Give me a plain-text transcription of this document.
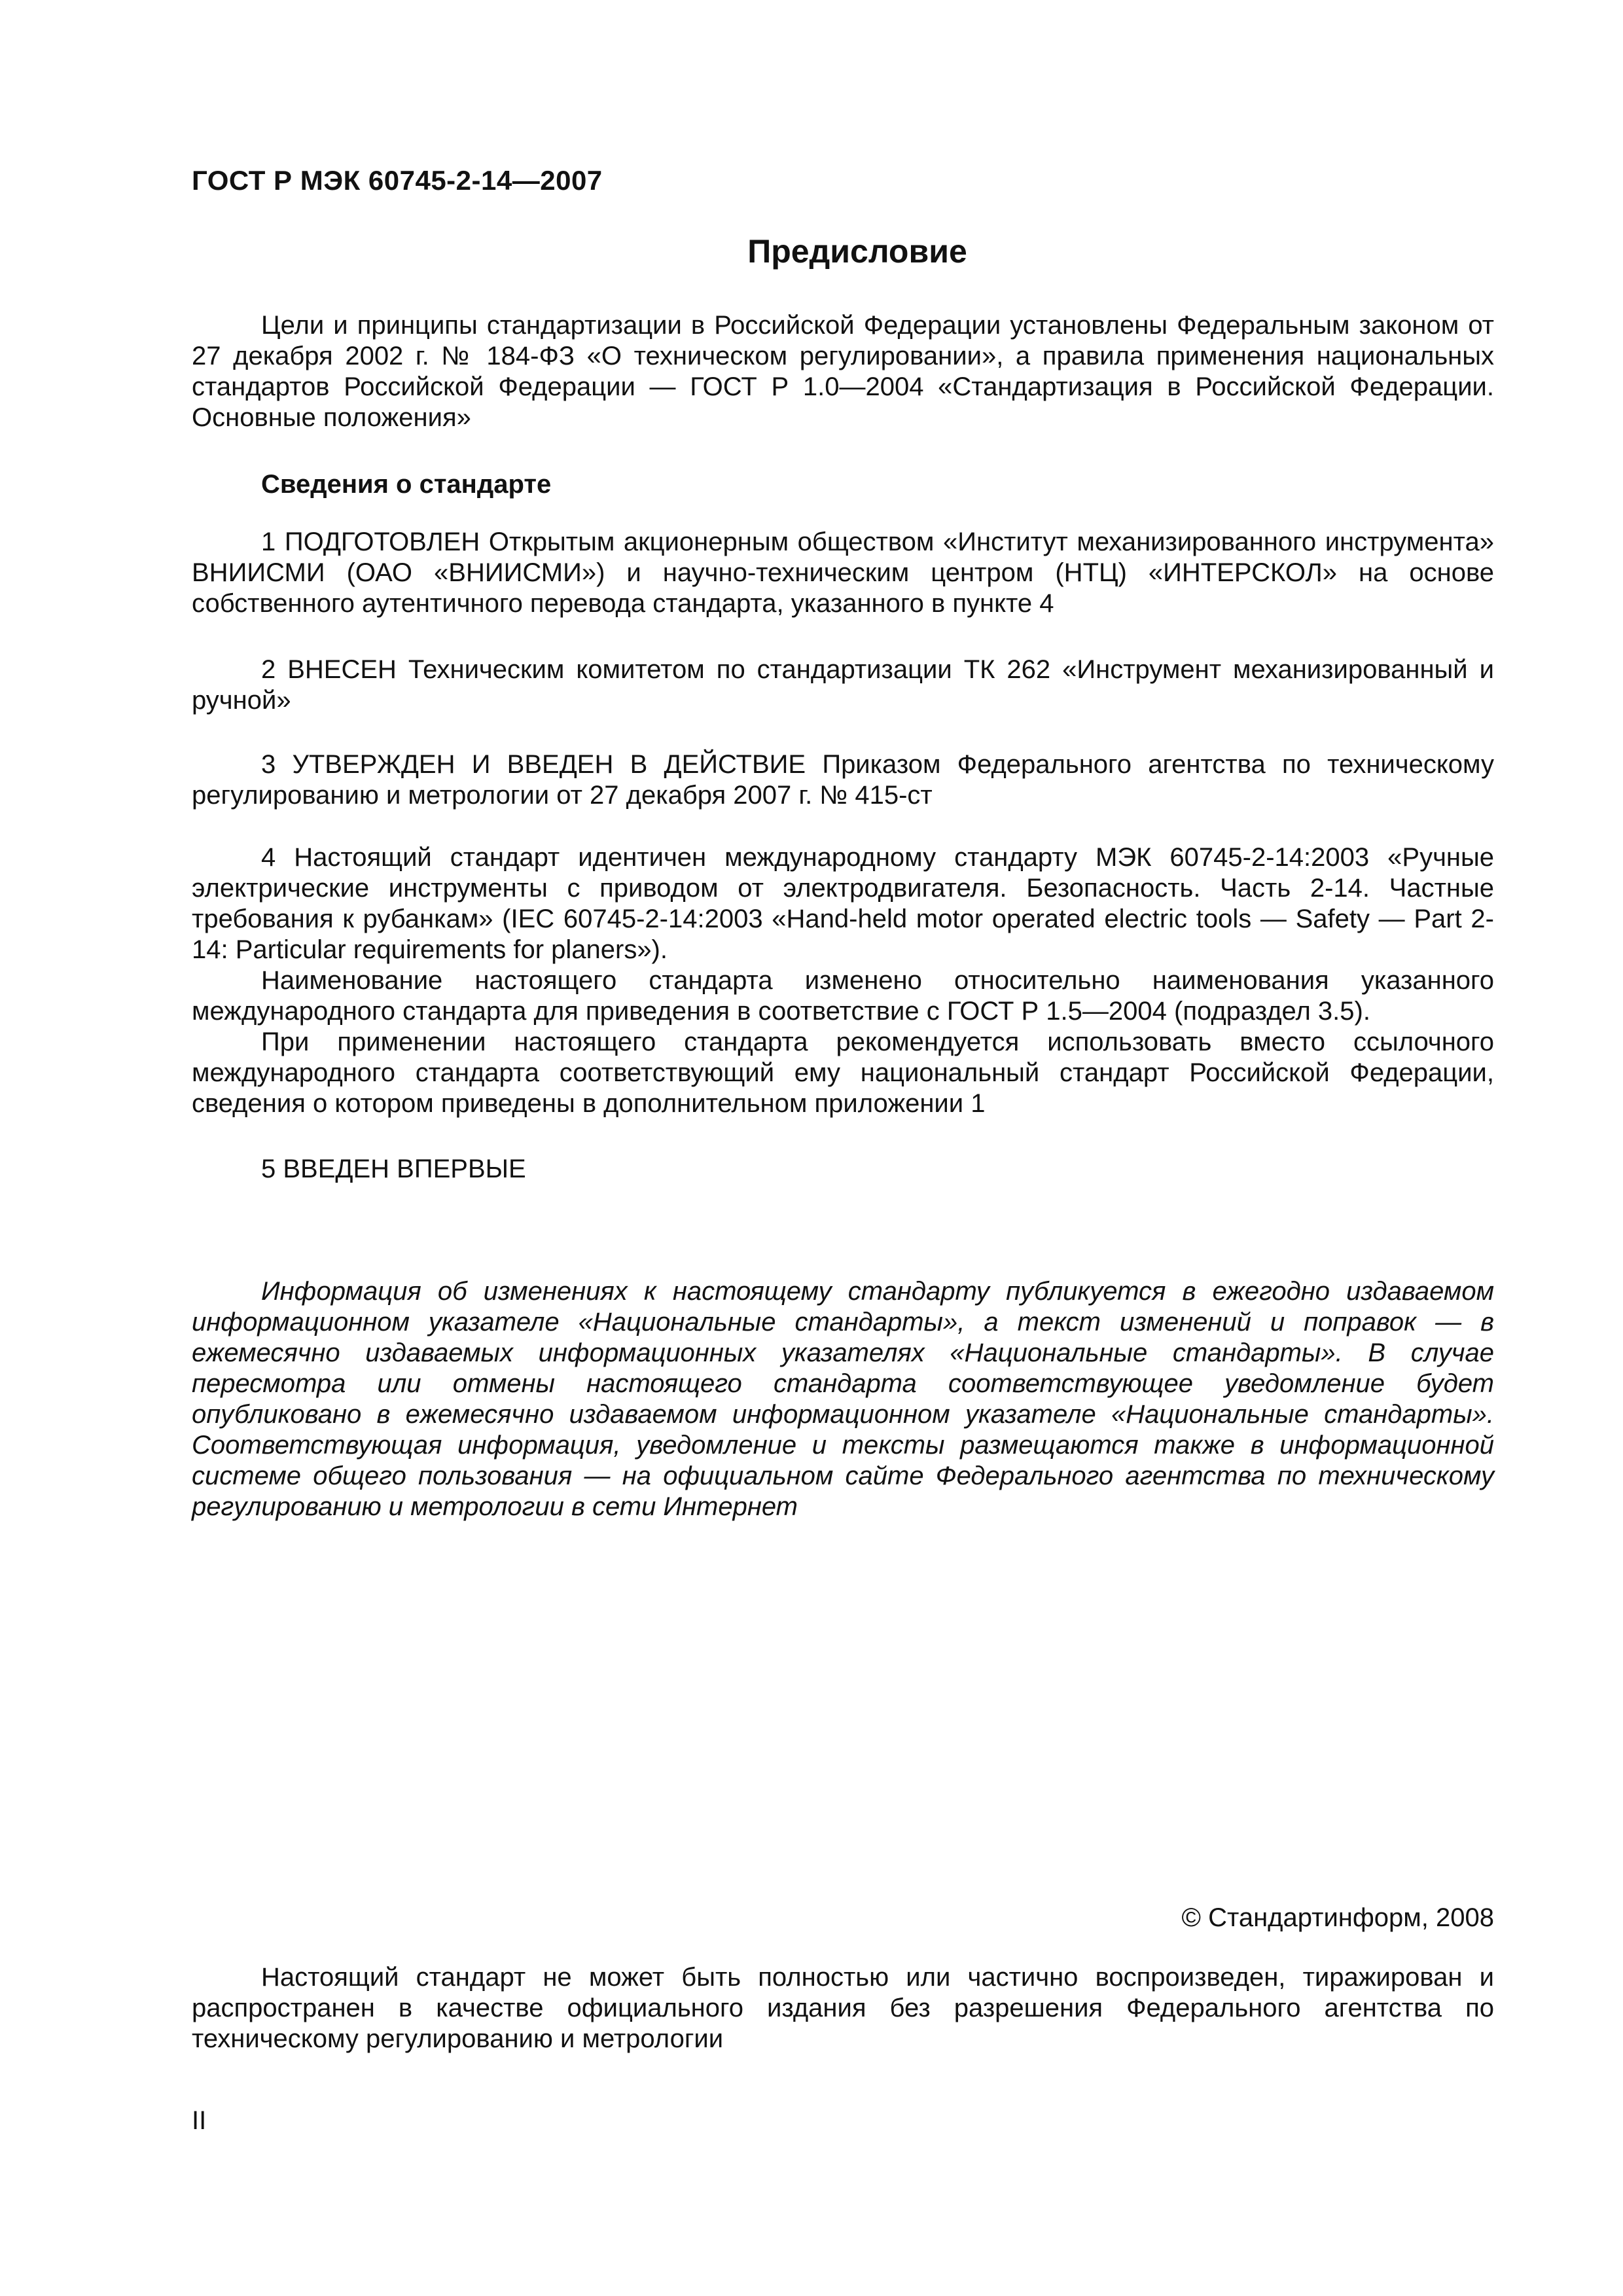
ГОСТ Р МЭК 60745-2-14—2007
Предисловие

Цели и принципы стандартизации в Российской Федерации установлены Федеральным законом от 27 декабря 2002 г. № 184-ФЗ «О техническом регулировании», а правила применения национальных стандартов Российской Федерации — ГОСТ Р 1.0—2004 «Стандартизация в Российской Федерации. Основные положения»

Сведения о стандарте

1 ПОДГОТОВЛЕН Открытым акционерным обществом «Институт механизированного инструмента» ВНИИСМИ (ОАО «ВНИИСМИ») и научно-техническим центром (НТЦ) «ИНТЕРСКОЛ» на основе собственного аутентичного перевода стандарта, указанного в пункте 4

2 ВНЕСЕН Техническим комитетом по стандартизации ТК 262 «Инструмент механизированный и ручной»

3 УТВЕРЖДЕН И ВВЕДЕН В ДЕЙСТВИЕ Приказом Федерального агентства по техническому регулированию и метрологии от 27 декабря 2007 г. № 415-ст

4 Настоящий стандарт идентичен международному стандарту МЭК 60745-2-14:2003 «Ручные электрические инструменты с приводом от электродвигателя. Безопасность. Часть 2-14. Частные требования к рубанкам» (IEC 60745-2-14:2003 «Hand-held motor operated electric tools — Safety — Part 2-14: Particular requirements for planers»).

Наименование настоящего стандарта изменено относительно наименования указанного международного стандарта для приведения в соответствие с ГОСТ Р 1.5—2004 (подраздел 3.5).

При применении настоящего стандарта рекомендуется использовать вместо ссылочного международного стандарта соответствующий ему национальный стандарт Российской Федерации, сведения о котором приведены в дополнительном приложении 1

5 ВВЕДЕН ВПЕРВЫЕ

Информация об изменениях к настоящему стандарту публикуется в ежегодно издаваемом информационном указателе «Национальные стандарты», а текст изменений и поправок — в ежемесячно издаваемых информационных указателях «Национальные стандарты». В случае пересмотра или отмены настоящего стандарта соответствующее уведомление будет опубликовано в ежемесячно издаваемом информационном указателе «Национальные стандарты». Соответствующая информация, уведомление и тексты размещаются также в информационной системе общего пользования — на официальном сайте Федерального агентства по техническому регулированию и метрологии в сети Интернет

© Стандартинформ, 2008

Настоящий стандарт не может быть полностью или частично воспроизведен, тиражирован и распространен в качестве официального издания без разрешения Федерального агентства по техническому регулированию и метрологии

II
